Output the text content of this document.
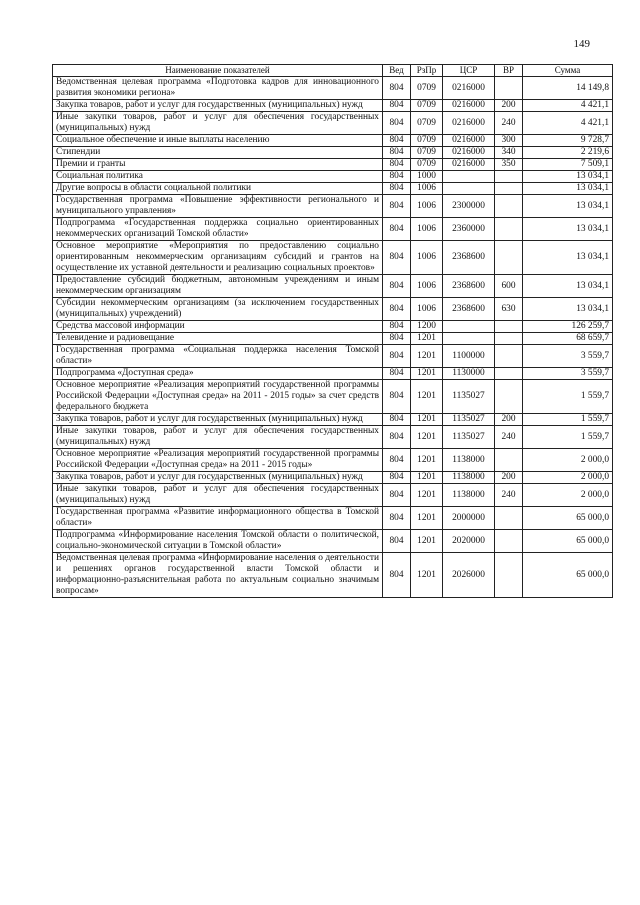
149
Наименование показателей	Вед	РзПр	ЦСР	ВР	Сумма
Ведомственная целевая программа «Подготовка кадров для инновационного развития экономики региона»	804	0709	0216000		14 149,8
Закупка товаров, работ и услуг для государственных (муниципальных) нужд	804	0709	0216000	200	4 421,1
Иные закупки товаров, работ и услуг для обеспечения государственных (муниципальных) нужд	804	0709	0216000	240	4 421,1
Социальное обеспечение и иные выплаты населению	804	0709	0216000	300	9 728,7
Стипендии	804	0709	0216000	340	2 219,6
Премии и гранты	804	0709	0216000	350	7 509,1
Социальная политика	804	1000			13 034,1
Другие вопросы в области социальной политики	804	1006			13 034,1
Государственная программа «Повышение эффективности регионального и муниципального управления»	804	1006	2300000		13 034,1
Подпрограмма «Государственная поддержка социально ориентированных некоммерческих организаций Томской области»	804	1006	2360000		13 034,1
Основное мероприятие «Мероприятия по предоставлению социально ориентированным некоммерческим организациям субсидий и грантов на осуществление их уставной деятельности и реализацию социальных проектов»	804	1006	2368600		13 034,1
Предоставление субсидий бюджетным, автономным учреждениям и иным некоммерческим организациям	804	1006	2368600	600	13 034,1
Субсидии некоммерческим организациям (за исключением государственных (муниципальных) учреждений)	804	1006	2368600	630	13 034,1
Средства массовой информации	804	1200			126 259,7
Телевидение и радиовещание	804	1201			68 659,7
Государственная программа «Социальная поддержка населения Томской области»	804	1201	1100000		3 559,7
Подпрограмма «Доступная среда»	804	1201	1130000		3 559,7
Основное мероприятие «Реализация мероприятий государственной программы Российской Федерации «Доступная среда» на 2011 - 2015 годы» за счет средств федерального бюджета	804	1201	1135027		1 559,7
Закупка товаров, работ и услуг для государственных (муниципальных) нужд	804	1201	1135027	200	1 559,7
Иные закупки товаров, работ и услуг для обеспечения государственных (муниципальных) нужд	804	1201	1135027	240	1 559,7
Основное мероприятие «Реализация мероприятий государственной программы Российской Федерации «Доступная среда» на 2011 - 2015 годы»	804	1201	1138000		2 000,0
Закупка товаров, работ и услуг для государственных (муниципальных) нужд	804	1201	1138000	200	2 000,0
Иные закупки товаров, работ и услуг для обеспечения государственных (муниципальных) нужд	804	1201	1138000	240	2 000,0
Государственная программа «Развитие информационного общества в Томской области»	804	1201	2000000		65 000,0
Подпрограмма «Информирование населения Томской области о политической, социально-экономической ситуации в Томской области»	804	1201	2020000		65 000,0
Ведомственная целевая программа «Информирование населения о деятельности и решениях органов государственной власти Томской области и информационно-разъяснительная работа по актуальным социально значимым вопросам»	804	1201	2026000		65 000,0
